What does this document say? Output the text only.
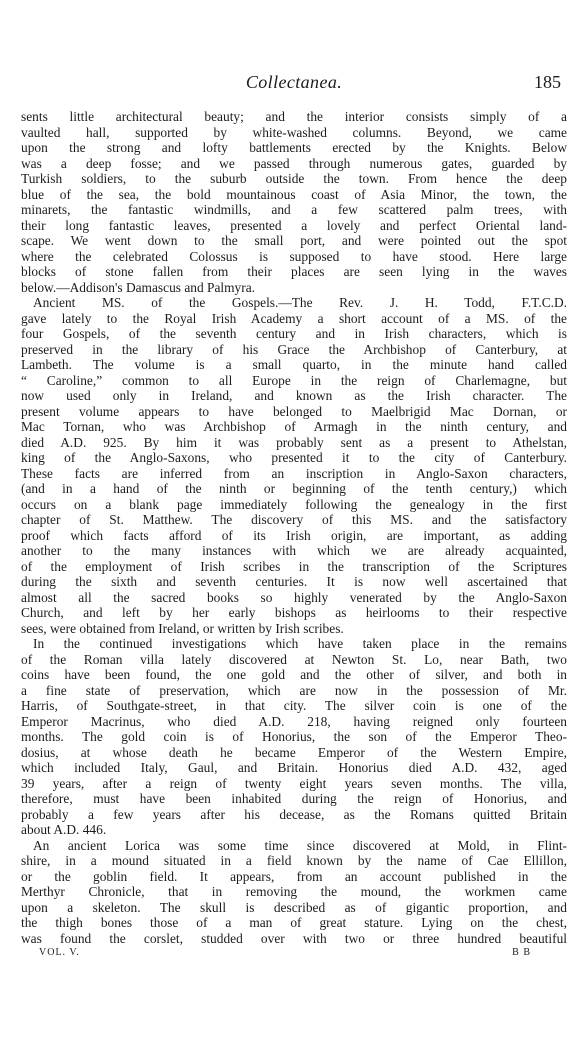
Collectanea.	185
sents little architectural beauty; and the interior consists simply of a
vaulted hall, supported by white-washed columns. Beyond, we came
upon the strong and lofty battlements erected by the Knights. Below
was a deep fosse; and we passed through numerous gates, guarded by
Turkish soldiers, to the suburb outside the town. From hence the deep
blue of the sea, the bold mountainous coast of Asia Minor, the town, the
minarets, the fantastic windmills, and a few scattered palm trees, with
their long fantastic leaves, presented a lovely and perfect Oriental land-
scape. We went down to the small port, and were pointed out the spot
where the celebrated Colossus is supposed to have stood. Here large
blocks of stone fallen from their places are seen lying in the waves
below.—Addison's Damascus and Palmyra.
Ancient MS. of the Gospels.—The Rev. J. H. Todd, F.T.C.D.
gave lately to the Royal Irish Academy a short account of a MS. of the
four Gospels, of the seventh century and in Irish characters, which is
preserved in the library of his Grace the Archbishop of Canterbury, at
Lambeth. The volume is a small quarto, in the minute hand called
“ Caroline,” common to all Europe in the reign of Charlemagne, but
now used only in Ireland, and known as the Irish character. The
present volume appears to have belonged to Maelbrigid Mac Dornan, or
Mac Tornan, who was Archbishop of Armagh in the ninth century, and
died A.D. 925. By him it was probably sent as a present to Athelstan,
king of the Anglo-Saxons, who presented it to the city of Canterbury.
These facts are inferred from an inscription in Anglo-Saxon characters,
(and in a hand of the ninth or beginning of the tenth century,) which
occurs on a blank page immediately following the genealogy in the first
chapter of St. Matthew. The discovery of this MS. and the satisfactory
proof which facts afford of its Irish origin, are important, as adding
another to the many instances with which we are already acquainted,
of the employment of Irish scribes in the transcription of the Scriptures
during the sixth and seventh centuries. It is now well ascertained that
almost all the sacred books so highly venerated by the Anglo-Saxon
Church, and left by her early bishops as heirlooms to their respective
sees, were obtained from Ireland, or written by Irish scribes.
In the continued investigations which have taken place in the remains
of the Roman villa lately discovered at Newton St. Lo, near Bath, two
coins have been found, the one gold and the other of silver, and both in
a fine state of preservation, which are now in the possession of Mr.
Harris, of Southgate-street, in that city. The silver coin is one of the
Emperor Macrinus, who died A.D. 218, having reigned only fourteen
months. The gold coin is of Honorius, the son of the Emperor Theo-
dosius, at whose death he became Emperor of the Western Empire,
which included Italy, Gaul, and Britain. Honorius died A.D. 432, aged
39 years, after a reign of twenty eight years seven months. The villa,
therefore, must have been inhabited during the reign of Honorius, and
probably a few years after his decease, as the Romans quitted Britain
about A.D. 446.
An ancient Lorica was some time since discovered at Mold, in Flint-
shire, in a mound situated in a field known by the name of Cae Ellillon,
or the goblin field. It appears, from an account published in the
Merthyr Chronicle, that in removing the mound, the workmen came
upon a skeleton. The skull is described as of gigantic proportion, and
the thigh bones those of a man of great stature. Lying on the chest,
was found the corslet, studded over with two or three hundred beautiful
VOL. V.	B B
